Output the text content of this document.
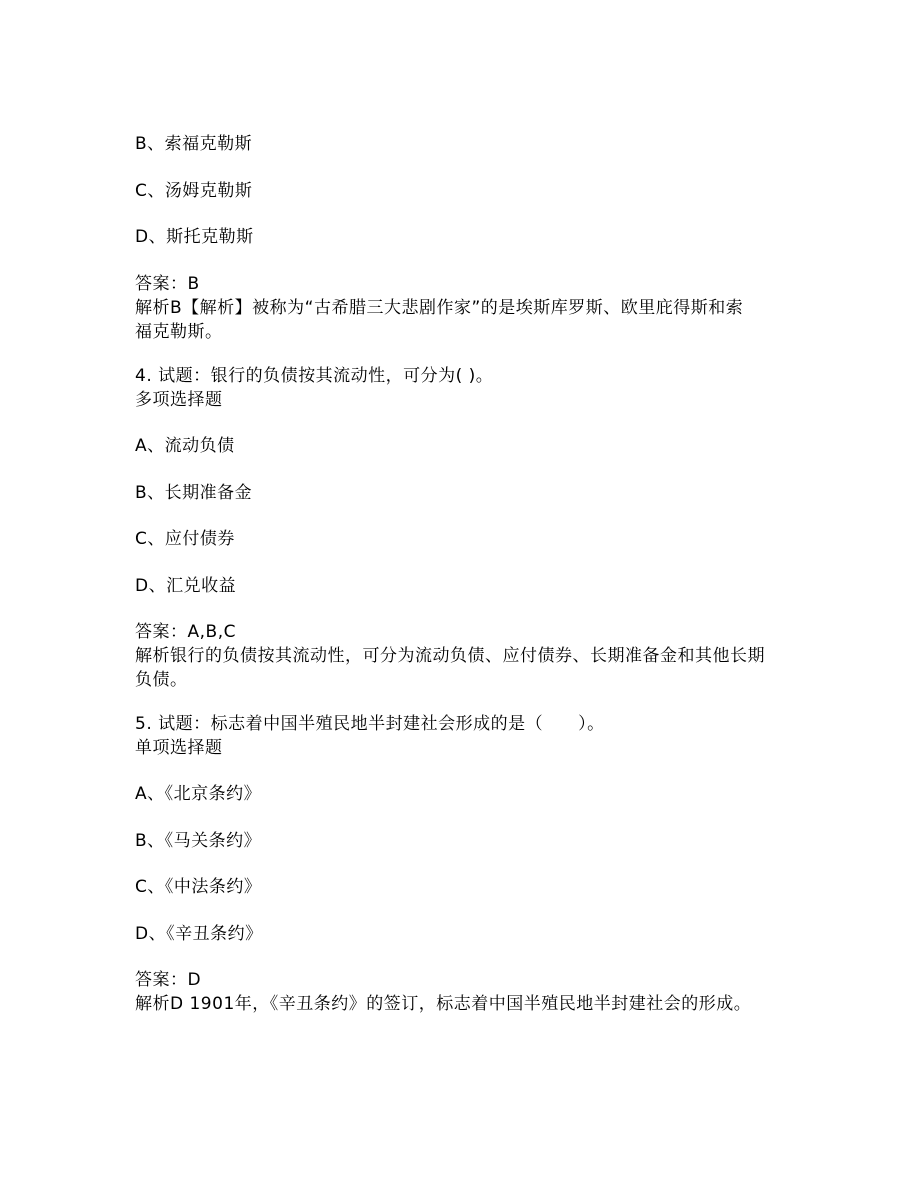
B、索福克勒斯
C、汤姆克勒斯
D、斯托克勒斯
答案：B
解析B【解析】被称为“古希腊三大悲剧作家”的是埃斯库罗斯、欧里庇得斯和索
福克勒斯。
4. 试题：银行的负债按其流动性，可分为( )。
多项选择题
A、流动负债
B、长期准备金
C、应付债券
D、汇兑收益
答案：A,B,C
解析银行的负债按其流动性，可分为流动负债、应付债券、长期准备金和其他长期
负债。
5. 试题：标志着中国半殖民地半封建社会形成的是（　　）。
单项选择题
A、《北京条约》
B、《马关条约》
C、《中法条约》
D、《辛丑条约》
答案：D
解析D 1901年，《辛丑条约》的签订，标志着中国半殖民地半封建社会的形成。
